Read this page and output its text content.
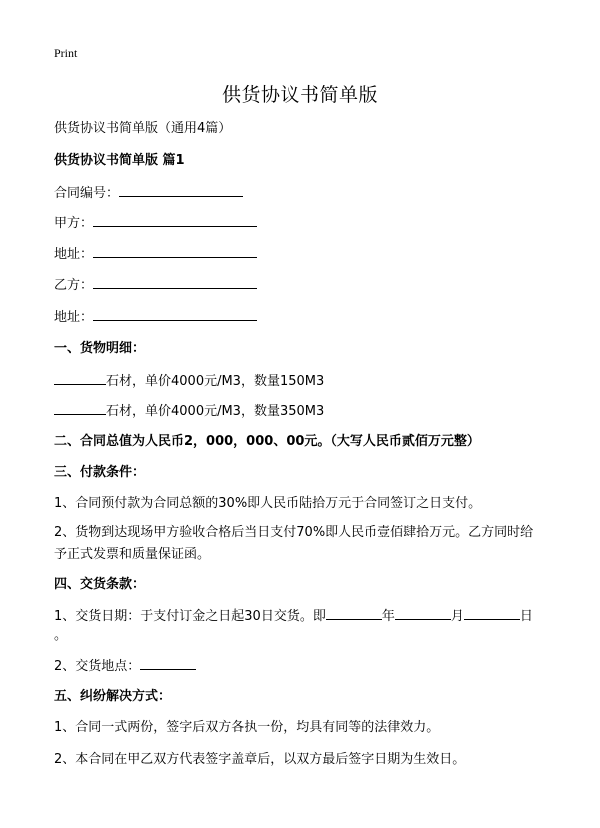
Print
供货协议书简单版
供货协议书简单版（通用4篇）
供货协议书简单版 篇1
合同编号：
甲方：
地址：
乙方：
地址：
一、货物明细：
石材，单价4000元/M3，数量150M3
石材，单价4000元/M3，数量350M3
二、合同总值为人民币2，000，000、00元。（大写人民币贰佰万元整）
三、付款条件：
1、合同预付款为合同总额的30%即人民币陆拾万元于合同签订之日支付。
2、货物到达现场甲方验收合格后当日支付70%即人民币壹佰肆拾万元。乙方同时给予正式发票和质量保证函。
四、交货条款：
1、交货日期：于支付订金之日起30日交货。即	年	月	日
。
2、交货地点：
五、纠纷解决方式：
1、合同一式两份，签字后双方各执一份，均具有同等的法律效力。
2、本合同在甲乙双方代表签字盖章后，以双方最后签字日期为生效日。
